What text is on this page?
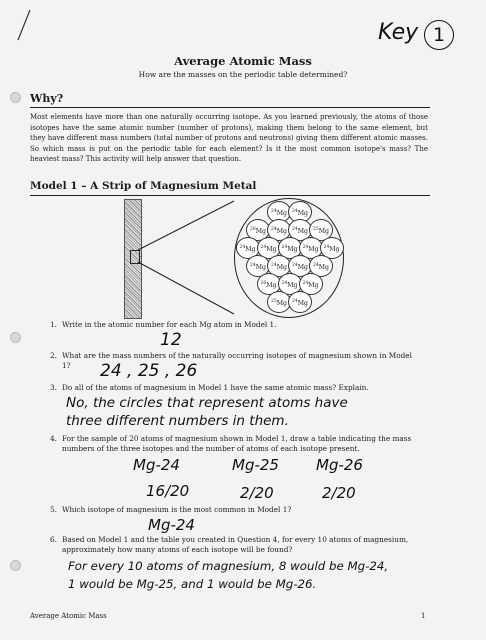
Key 1
Average Atomic Mass
How are the masses on the periodic table determined?
Why?
Most elements have more than one naturally occurring isotope. As you learned previously, the atoms of those isotopes have the same atomic number (number of protons), making them belong to the same element, but they have different mass numbers (total number of protons and neutrons) giving them different atomic masses. So which mass is put on the periodic table for each element? Is it the most common isotope's mass? The heaviest mass? This activity will help answer that question.
Model 1 – A Strip of Magnesium Metal
$^{24}$Mg	$^{24}$Mg
$^{26}$Mg	$^{24}$Mg	$^{24}$Mg	$^{25}$Mg
$^{24}$Mg	$^{24}$Mg	$^{24}$Mg	$^{24}$Mg	$^{24}$Mg
$^{24}$Mg	$^{24}$Mg	$^{24}$Mg	$^{24}$Mg
$^{26}$Mg	$^{24}$Mg	$^{24}$Mg
$^{25}$Mg	$^{24}$Mg
1. Write in the atomic number for each Mg atom in Model 1.
12
2. What are the mass numbers of the naturally occurring isotopes of magnesium shown in Model 1?	24 , 25 , 26
3. Do all of the atoms of magnesium in Model 1 have the same atomic mass? Explain.
No, the circles that represent atoms have
three different numbers in them.
4. For the sample of 20 atoms of magnesium shown in Model 1, draw a table indicating the mass numbers of the three isotopes and the number of atoms of each isotope present.
Mg-24	Mg-25 Mg-26
16/20	2/20	2/20
5. Which isotope of magnesium is the most common in Model 1?
Mg-24
6. Based on Model 1 and the table you created in Question 4, for every 10 atoms of magnesium, approximately how many atoms of each isotope will be found?
For every 10 atoms of magnesium, 8 would be Mg-24,
1 would be Mg-25, and 1 would be Mg-26.
Average Atomic Mass	1
